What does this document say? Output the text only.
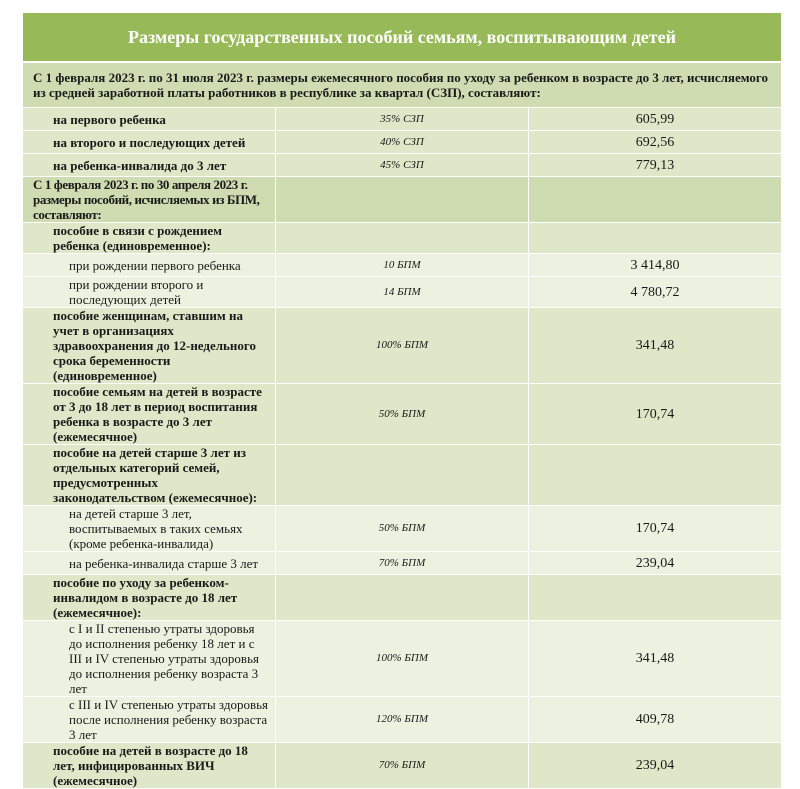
Размеры государственных пособий семьям, воспитывающим детей
С 1 февраля 2023 г. по 31 июля 2023 г. размеры ежемесячного пособия по уходу за ребенком в возрасте до 3 лет, исчисляемого из средней заработной платы работников в республике за квартал (СЗП), составляют:		
на первого ребенка	35% СЗП	605,99
на второго и последующих детей	40% СЗП	692,56
на ребенка-инвалида до 3 лет	45% СЗП	779,13
С 1 февраля 2023 г. по 30 апреля 2023 г. размеры пособий, исчисляемых из БПМ, составляют:		
пособие в связи с рождением ребенка (единовременное):		
при рождении первого ребенка	10 БПМ	3 414,80
при рождении второго и последующих детей	14 БПМ	4 780,72
пособие женщинам, ставшим на учет в организациях здравоохранения до 12-недельного срока беременности (единовременное)	100% БПМ	341,48
пособие семьям на детей в возрасте от 3 до 18 лет в период воспитания ребенка в возрасте до 3 лет (ежемесячное)	50% БПМ	170,74
пособие на детей старше 3 лет из отдельных категорий семей, предусмотренных законодательством (ежемесячное):		
на детей старше 3 лет, воспитываемых в таких семьях (кроме ребенка-инвалида)	50% БПМ	170,74
на ребенка-инвалида старше 3 лет	70% БПМ	239,04
пособие по уходу за ребенком-инвалидом в возрасте до 18 лет (ежемесячное):		
с I и II степенью утраты здоровья до исполнения ребенку 18 лет и с III и IV степенью утраты здоровья до исполнения ребенку возраста 3 лет	100% БПМ	341,48
с III и IV степенью утраты здоровья после исполнения ребенку возраста 3 лет	120% БПМ	409,78
пособие на детей в возрасте до 18 лет, инфицированных ВИЧ (ежемесячное)	70% БПМ	239,04
